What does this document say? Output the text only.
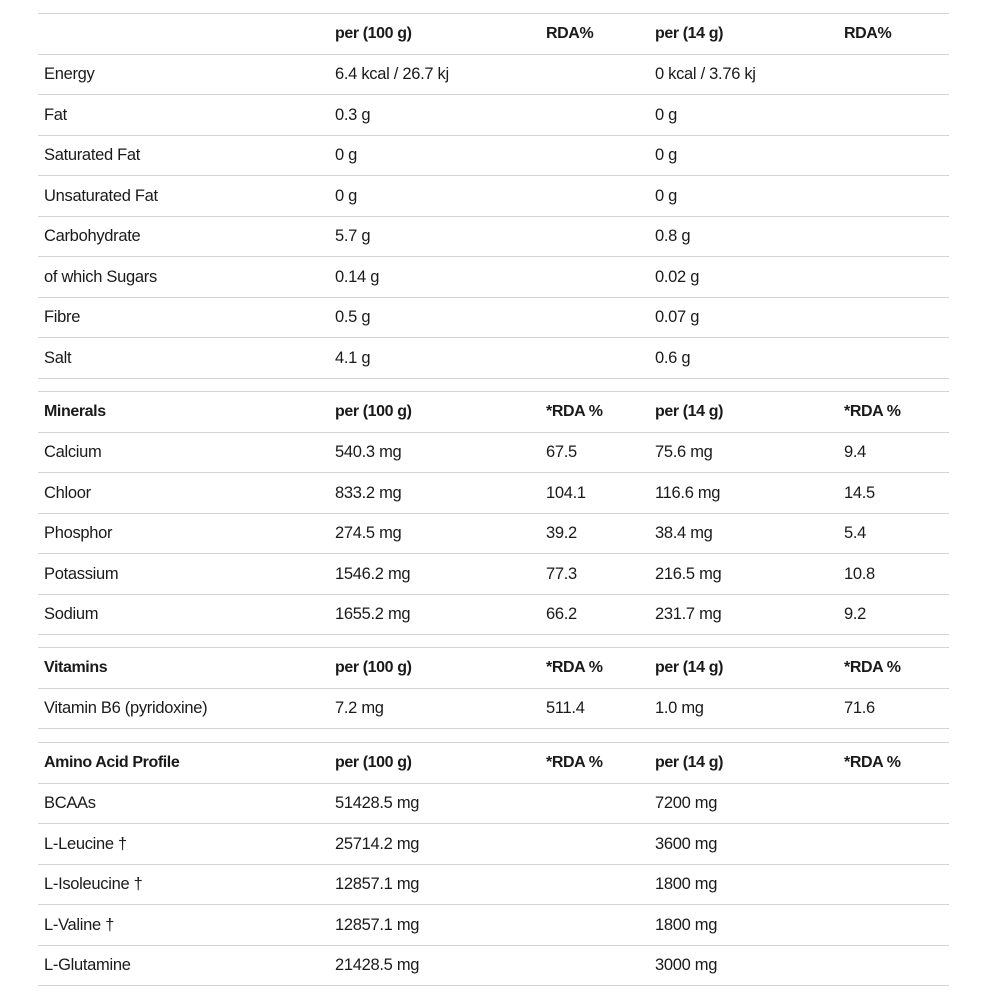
	per (100 g)	RDA%	per (14 g)	RDA%
Energy	6.4 kcal / 26.7 kj		0 kcal / 3.76 kj	
Fat	0.3 g		0 g	
Saturated Fat	0 g		0 g	
Unsaturated Fat	0 g		0 g	
Carbohydrate	5.7 g		0.8 g	
of which Sugars	0.14 g		0.02 g	
Fibre	0.5 g		0.07 g	
Salt	4.1 g		0.6 g	
Minerals	per (100 g)	*RDA %	per (14 g)	*RDA %
Calcium	540.3 mg	67.5	75.6 mg	9.4
Chloor	833.2 mg	104.1	116.6 mg	14.5
Phosphor	274.5 mg	39.2	38.4 mg	5.4
Potassium	1546.2 mg	77.3	216.5 mg	10.8
Sodium	1655.2 mg	66.2	231.7 mg	9.2
Vitamins	per (100 g)	*RDA %	per (14 g)	*RDA %
Vitamin B6 (pyridoxine)	7.2 mg	511.4	1.0 mg	71.6
Amino Acid Profile	per (100 g)	*RDA %	per (14 g)	*RDA %
BCAAs	51428.5 mg		7200 mg	
L-Leucine †	25714.2 mg		3600 mg	
L-Isoleucine †	12857.1 mg		1800 mg	
L-Valine †	12857.1 mg		1800 mg	
L-Glutamine	21428.5 mg		3000 mg	
